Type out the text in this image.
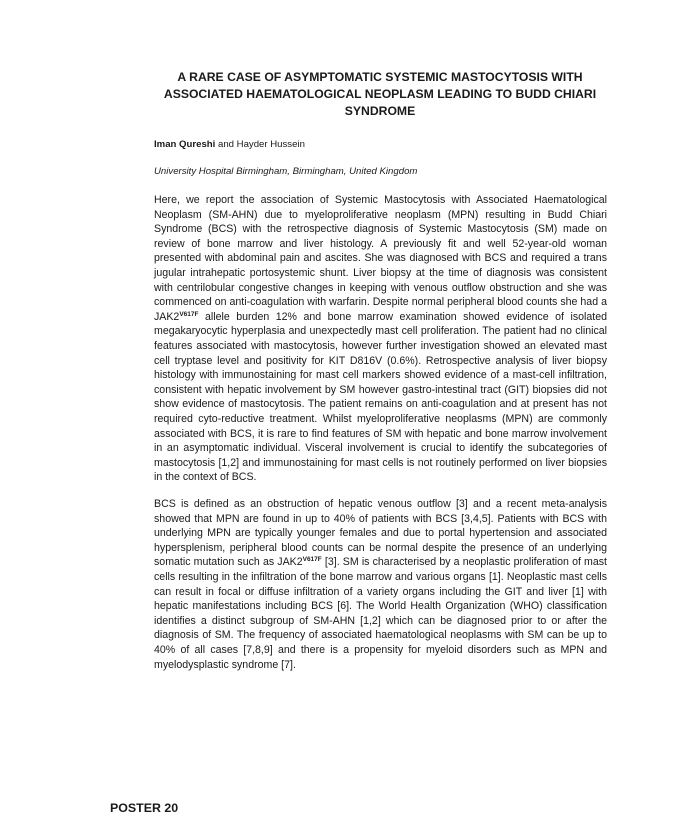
A RARE CASE OF ASYMPTOMATIC SYSTEMIC MASTOCYTOSIS WITH ASSOCIATED HAEMATOLOGICAL NEOPLASM LEADING TO BUDD CHIARI SYNDROME

Iman Qureshi and Hayder Hussein

University Hospital Birmingham, Birmingham, United Kingdom

Here, we report the association of Systemic Mastocytosis with Associated Haematological Neoplasm (SM-AHN) due to myeloproliferative neoplasm (MPN) resulting in Budd Chiari Syndrome (BCS) with the retrospective diagnosis of Systemic Mastocytosis (SM) made on review of bone marrow and liver histology. A previously fit and well 52-year-old woman presented with abdominal pain and ascites. She was diagnosed with BCS and required a trans jugular intrahepatic portosystemic shunt. Liver biopsy at the time of diagnosis was consistent with centrilobular congestive changes in keeping with venous outflow obstruction and she was commenced on anti-coagulation with warfarin. Despite normal peripheral blood counts she had a $JAK2^{V617F}$ allele burden 12% and bone marrow examination showed evidence of isolated megakaryocytic hyperplasia and unexpectedly mast cell proliferation. The patient had no clinical features associated with mastocytosis, however further investigation showed an elevated mast cell tryptase level and positivity for KIT D816V (0.6%). Retrospective analysis of liver biopsy histology with immunostaining for mast cell markers showed evidence of a mast-cell infiltration, consistent with hepatic involvement by SM however gastro-intestinal tract (GIT) biopsies did not show evidence of mastocytosis. The patient remains on anti-coagulation and at present has not required cyto-reductive treatment. Whilst myeloproliferative neoplasms (MPN) are commonly associated with BCS, it is rare to find features of SM with hepatic and bone marrow involvement in an asymptomatic individual. Visceral involvement is crucial to identify the subcategories of mastocytosis [1,2] and immunostaining for mast cells is not routinely performed on liver biopsies in the context of BCS.

BCS is defined as an obstruction of hepatic venous outflow [3] and a recent meta-analysis showed that MPN are found in up to 40% of patients with BCS [3,4,5]. Patients with BCS with underlying MPN are typically younger females and due to portal hypertension and associated hypersplenism, peripheral blood counts can be normal despite the presence of an underlying somatic mutation such as $JAK2^{V617F}$ [3]. SM is characterised by a neoplastic proliferation of mast cells resulting in the infiltration of the bone marrow and various organs [1]. Neoplastic mast cells can result in focal or diffuse infiltration of a variety organs including the GIT and liver [1] with hepatic manifestations including BCS [6]. The World Health Organization (WHO) classification identifies a distinct subgroup of SM-AHN [1,2] which can be diagnosed prior to or after the diagnosis of SM. The frequency of associated haematological neoplasms with SM can be up to 40% of all cases [7,8,9] and there is a propensity for myeloid disorders such as MPN and myelodysplastic syndrome [7].

POSTER 20
